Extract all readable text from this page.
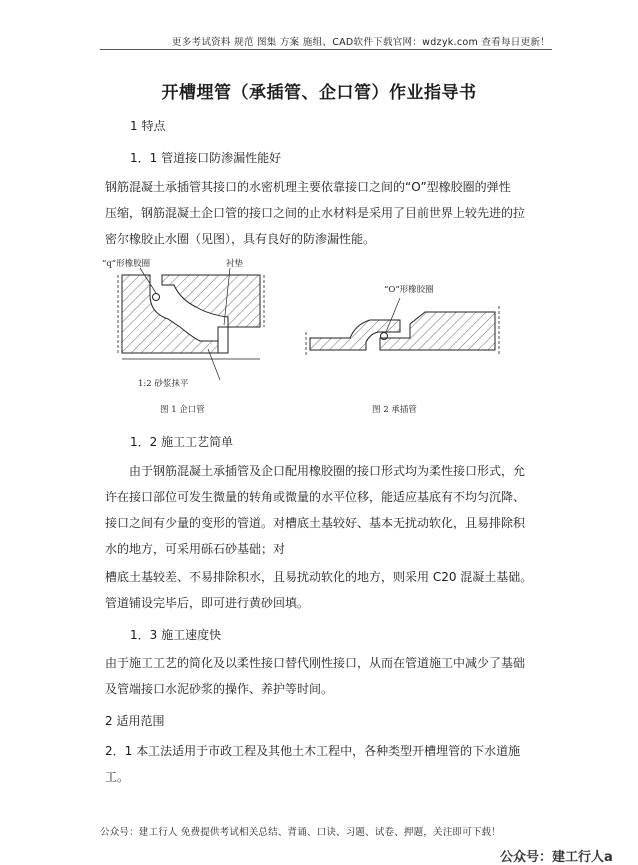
更多考试资料 规范 图集 方案 施组、CAD软件下载官网：wdzyk.com 查看每日更新！
开槽埋管（承插管、企口管）作业指导书
1 特点
1．1 管道接口防渗漏性能好
钢筋混凝土承插管其接口的水密机理主要依靠接口之间的“O”型橡胶圈的弹性
压缩，钢筋混凝土企口管的接口之间的止水材料是采用了目前世界上较先进的拉
密尔橡胶止水圈（见图），具有良好的防渗漏性能。
“q”形橡胶圈	衬垫
1:2 砂浆抹平
图 1 企口管
“O”形橡胶圈
图 2 承插管
1．2 施工工艺简单
由于钢筋混凝土承插管及企口配用橡胶圈的接口形式均为柔性接口形式，允
许在接口部位可发生微量的转角或微量的水平位移，能适应基底有不均匀沉降、
接口之间有少量的变形的管道。对槽底土基较好、基本无扰动软化，且易排除积
水的地方，可采用砾石砂基础；对
槽底土基较差、不易排除积水，且易扰动软化的地方，则采用 C20 混凝土基础。
管道铺设完毕后，即可进行黄砂回填。
1．3 施工速度快
由于施工工艺的简化及以柔性接口替代刚性接口，从而在管道施工中减少了基础
及管端接口水泥砂浆的操作、养护等时间。
2 适用范围
2．1 本工法适用于市政工程及其他土木工程中，各种类型开槽埋管的下水道施
工。
公众号：建工行人 免费提供考试相关总结、背诵、口诀、习题、试卷、押题，关注即可下载！
公众号：建工行人a
